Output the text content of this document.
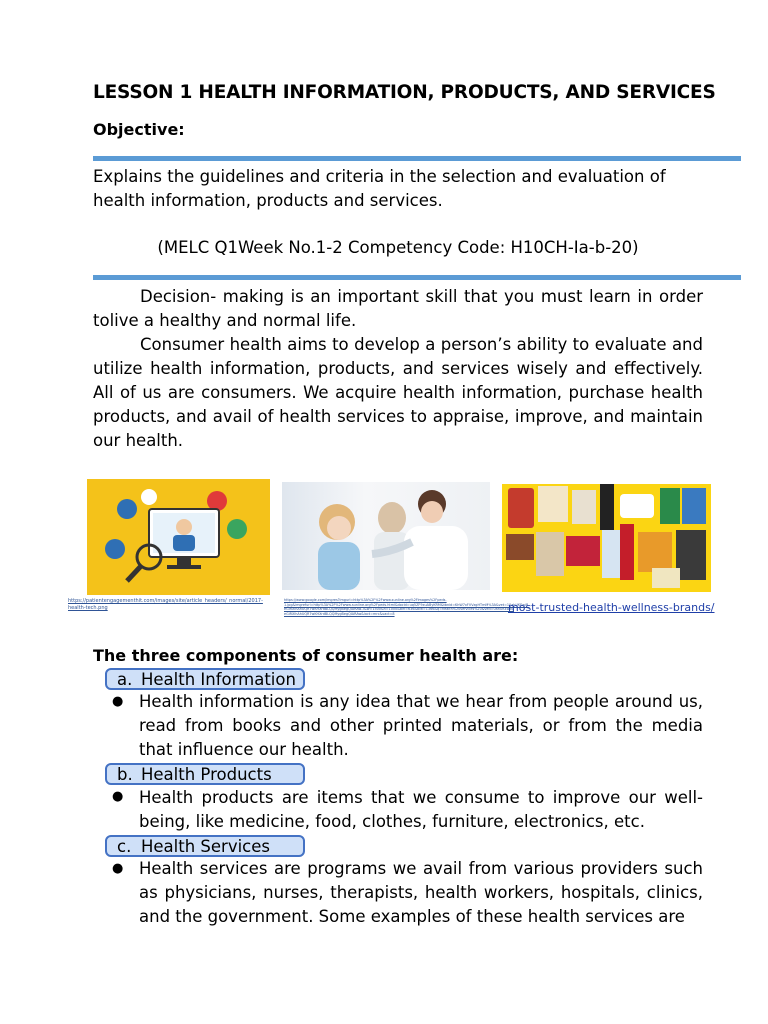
LESSON 1 HEALTH INFORMATION, PRODUCTS, AND SERVICES
Objective:
Explains the guidelines and criteria in the selection and evaluation of health information, products and services.
(MELC Q1Week No.1-2 Competency Code: H10CH-Ia-b-20)

Decision- making is an important skill that you must learn in order tolive a healthy and normal life.

Consumer health aims to develop a person’s ability to evaluate and utilize health information, products, and services wisely and effectively. All of us are consumers. We acquire health information, purchase health products, and avail of health services to appraise, improve, and maintain our health.

https://patientengagementhit.com/images/site/article_headers/_normal/2017-health-tech.png
https://www.google.com/imgres?imgurl=http%3A%2F%2Fwww.sunline.org%2Fimages%2Fpeds-1.jpg&imgrefurl=http%3A%2F%2Fwww.sunline.org%2Fpeds.html&docid=uq5ZF9xuAByKRM&tbnid=KhW7xFVVzgHTmM%3A&vet=10ahUKEwiB-eGiRXlhAhUQR7wKHXrdBLQQMygBegQIARAw..i&w=1500&h=1000&bih=636&biw=1366&q=health%20services%20&ved=0ahUKEwiB-eGiRXlhAhUQR7wKHXrdBLQQMygBegQIARAw&iact=mrc&uact=8	most-trusted-health-wellness-brands/
The three components of consumer health are:
a. Health Information
● Health information is any idea that we hear from people around us, read from books and other printed materials, or from the media that influence our health.
b. Health Products
● Health products are items that we consume to improve our well-being, like medicine, food, clothes, furniture, electronics, etc.
c. Health Services
● Health services are programs we avail from various providers such as physicians, nurses, therapists, health workers, hospitals, clinics, and the government. Some examples of these health services are
